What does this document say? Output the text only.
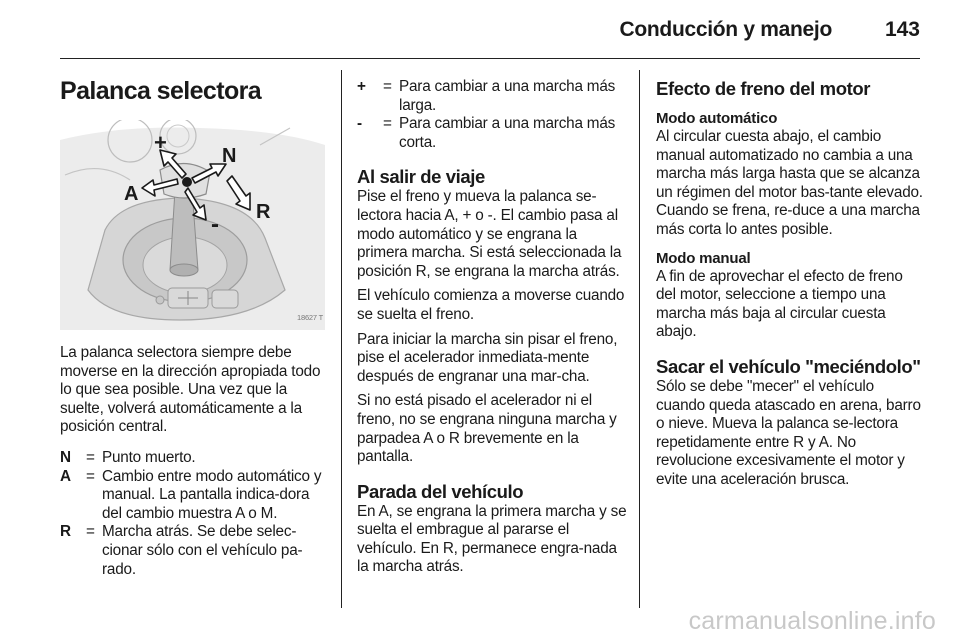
Conducción y manejo	143
Palanca selectora
+
N
A
R
-
18627 T

La palanca selectora siempre debe moverse en la dirección apropiada todo lo que sea posible. Una vez que la suelte, volverá automáticamente a la posición central.

N = Punto muerto.
A = Cambio entre modo automático y manual. La pantalla indica-dora del cambio muestra A o M.
R = Marcha atrás. Se debe selec-cionar sólo con el vehículo pa-rado.
+	= Para cambiar a una marcha más larga.
-	= Para cambiar a una marcha más corta.
Al salir de viaje

Pise el freno y mueva la palanca se-lectora hacia A, + o -. El cambio pasa al modo automático y se engrana la primera marcha. Si está seleccionada la posición R, se engrana la marcha atrás.

El vehículo comienza a moverse cuando se suelta el freno.

Para iniciar la marcha sin pisar el freno, pise el acelerador inmediata-mente después de engranar una mar-cha.

Si no está pisado el acelerador ni el freno, no se engrana ninguna marcha y parpadea A o R brevemente en la pantalla.

Parada del vehículo

En A, se engrana la primera marcha y se suelta el embrague al pararse el vehículo. En R, permanece engra-nada la marcha atrás.

Efecto de freno del motor
Modo automático

Al circular cuesta abajo, el cambio manual automatizado no cambia a una marcha más larga hasta que se alcanza un régimen del motor bas-tante elevado. Cuando se frena, re-duce a una marcha más corta lo antes posible.

Modo manual

A fin de aprovechar el efecto de freno del motor, seleccione a tiempo una marcha más baja al circular cuesta abajo.

Sacar el vehículo "meciéndolo"

Sólo se debe "mecer" el vehículo cuando queda atascado en arena, barro o nieve. Mueva la palanca se-lectora repetidamente entre R y A. No revolucione excesivamente el motor y evite una aceleración brusca.

carmanualsonline.info
